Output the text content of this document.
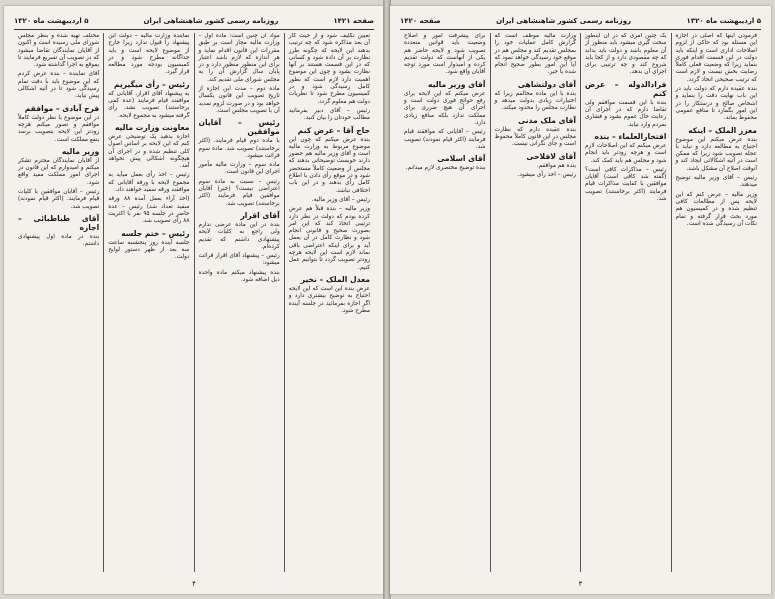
صفحه ۱۴۲۱
روزنامه رسمی کشور شاهنشاهی ایران
۵ اردیبهشت ماه ۱۳۲۰
تعیین تکلیف شود و از حیث کار آن بعد مذاکره شود که چه ترتیب بدهند این لایحه که چگونه طرز نظارت بر آن داده شود و کسانی که در این قسمت هستند بر آنها نظارت بشود و چون این موضوع اهمیت دارد لازم است که بطور کامل رسیدگی شود و در کمیسیون مطرح شود تا نظریات دولت هم معلوم گردد.
رئیس – آقای دبیر بفرمائید مطالب خودتان را بیان کنید.
حاج آقا – عرض کنم
بنده عرض میکنم که چون این موضوع مربوط به وزارت مالیه است و آقای وزیر مالیه هم حضور دارند خوبست توضیحاتی بدهند که مجلس از وضعیت کاملاً مستحضر شود و در موقع رأی دادن با اطلاع کامل رأی بدهند و در این باب اختلافی نباشد.
رئیس – آقای وزیر مالیه.
وزیر مالیه – بنده قبلاً هم عرض کرده بودم که دولت در نظر دارد ترتیبی اتخاذ کند که این امر بصورت صحیح و قانونی انجام شود و نظارت کامل در آن بعمل آید و برای اینکه اعتراضی باقی نماند لازم است این لایحه هرچه زودتر تصویب گردد تا بتوانیم عمل کنیم.
معدل الملک – نخیر
عرض بنده این است که این لایحه احتیاج به توضیح بیشتری دارد و اگر اجازه بفرمائید در جلسه آینده مطرح شود.
مواد آن چنین است: ماده اول – وزارت مالیه مجاز است بر طبق مقررات این قانون اقدام نماید و هر اندازه که لازم باشد اعتبار برای این منظور منظور دارد و در پایان سال گزارش آن را به مجلس شورای ملی تقدیم کند.
ماده دوم – مدت این اجازه از تاریخ تصویب این قانون یکسال خواهد بود و در صورت لزوم تمدید آن با تصویب مجلس است.
رئیس – آقایان موافقین
با ماده دوم قیام فرمایند. (اکثر برخاستند) تصویب شد. ماده سوم قرائت میشود.
ماده سوم – وزارت مالیه مأمور اجرای این قانون است.
رئیس – نسبت به ماده سوم اعتراضی نیست؟ (خیر) آقایان موافقین قیام فرمایند (اکثر برخاستند) تصویب شد.
آقای اقرار
بنده در این ماده عرضی ندارم ولی راجع به کلیات لایحه پیشنهادی داشتم که تقدیم کرده‌ام.
رئیس – پیشنهاد آقای اقرار قرائت میشود:
بنده پیشنهاد میکنم ماده واحده ذیل اضافه شود.
نماینده وزارت مالیه – دولت این پیشنهاد را قبول ندارد زیرا خارج از موضوع لایحه است و باید جداگانه مطرح شود و در کمیسیون بودجه مورد مطالعه قرار گیرد.
رئیس – رأی میگیریم
به پیشنهاد آقای اقرار، آقایانی که موافقند قیام فرمایند (عده کمی برخاستند) تصویب نشد. رأی گرفته میشود به مجموع لایحه.
معاونت وزارت مالیه
اجازه بدهید یک توضیحی عرض کنم که این لایحه بر اساس اصول کلی تنظیم شده و در اجرای آن هیچگونه اشکالی پیش نخواهد آمد.
رئیس – اخذ رأی بعمل میآید به مجموع لایحه با ورقه آقایانی که موافقند ورقه سفید خواهند داد.
(اخذ آراء بعمل آمده ۸۸ ورقه سفید تعداد شد) رئیس – عده حاضر در جلسه ۹۵ نفر با اکثریت ۸۸ رأی تصویب شد.
رئیس – ختم جلسه
جلسه آینده روز پنجشنبه ساعت سه بعد از ظهر دستور لوایح دولت.
مختلف تهیه شده و بنظر مجلس شورای ملی رسیده است و اکنون از آقایان نمایندگان تقاضا میشود که در تصویب آن تسریع فرمایند تا بموقع به اجرا گذاشته شود.
آقای نماینده – بنده عرض کردم که این موضوع باید با دقت تمام رسیدگی شود تا در آتیه اشکالی پیش نیاید.
فرح آبادی – موافقم
در این موضوع با نظر دولت کاملاً موافقم و تصور میکنم هرچه زودتر این لایحه بتصویب برسد بنفع مملکت است.
وزیر مالیه
از آقایان نمایندگان محترم تشکر میکنم و امیدوارم که این قانون در اجرای امور مملکت مفید واقع شود.
رئیس – آقایان موافقین با کلیات قیام فرمایند. (اکثر قیام نمودند) تصویب شد.
آقای طباطبائی – اجازه
بنده در ماده اول پیشنهادی داشتم.
۴
۵ اردیبهشت ماه ۱۳۲۰
روزنامه رسمی کشور شاهنشاهی ایران
صفحه ۱۴۲۰
فرمودن اینها که اصلی در اجازه این مسئله بود که حاکی از لزوم اصلاحات اداری است و اینکه باید دولت در این قسمت اقدام فوری بنماید زیرا که وضعیت فعلی کاملاً رضایت بخش نیست و لازم است که ترتیب صحیحی اتخاذ گردد.
بنده عقیده دارم که دولت باید در این باب نهایت دقت را بنماید و اشخاص صالح و درستکار را در این امور بگمارد تا منافع عمومی محفوظ بماند.
معزز الملک – اینکه
بنده عرض میکنم این موضوع احتیاج به مطالعه دارد و نباید با عجله تصویب شود زیرا که ممکن است در آتیه اشکالاتی ایجاد کند و آنوقت اصلاح آن مشکل باشد.
رئیس – آقای وزیر مالیه توضیح میدهند.
وزیر مالیه – عرض کنم که این لایحه پس از مطالعات کافی تنظیم شده و در کمیسیون هم مورد بحث قرار گرفته و تمام نکات آن رسیدگی شده است.
یک چنین امری که در آن اینطور سخت گیری میشود باید منظور از آن معلوم باشد و دولت باید بداند که چه مقصودی دارد و از کجا باید شروع کند و چه ترتیبی برای اجرای آن بدهد.
فرادالدوله – عرض کنم
بنده با این قسمت موافقم ولی تقاضا دارم که در اجرای آن رعایت حال عموم بشود و فشاری بمردم وارد نیاید.
افتخارالعلماء – بنده
عرض میکنم که این اصلاحات لازم است و هرچه زودتر باید انجام شود و مجلس هم باید کمک کند.
رئیس – مذاکرات کافی است؟ (گفته شد کافی است) آقایان موافقین با کفایت مذاکرات قیام فرمایند (اکثر برخاستند) تصویب شد.
وزارت مالیه موظف است که گزارش کامل عملیات خود را بمجلس تقدیم کند و مجلس هم در موقع خود رسیدگی خواهد نمود که آیا این امور بطور صحیح انجام شده یا خیر.
آقای دولتشاهی
بنده با این ماده مخالفم زیرا که اختیارات زیادی بدولت میدهد و نظارت مجلس را محدود میکند.
آقای ملک مدنی
بنده عقیده دارم که نظارت مجلس در این قانون کاملاً محفوظ است و جای نگرانی نیست.
آقای لافلاحی
بنده هم موافقم.
رئیس – اخذ رأی میشود.
برای پیشرفت امور و اصلاح وضعیت باید قوانین متعدده تصویب شود و لایحه حاضر هم یکی از آنهاست که دولت تقدیم کرده و امیدوار است مورد توجه آقایان واقع شود.
آقای وزیر مالیه
عرض میکنم که این لایحه برای رفع حوائج فوری دولت است و اجرای آن هیچ ضرری برای مملکت ندارد بلکه منافع زیادی دارد.
رئیس – آقایانی که موافقند قیام فرمایند (اکثر قیام نمودند) تصویب شد.
آقای اسلامی
بنده توضیح مختصری لازم میدانم.
۴
